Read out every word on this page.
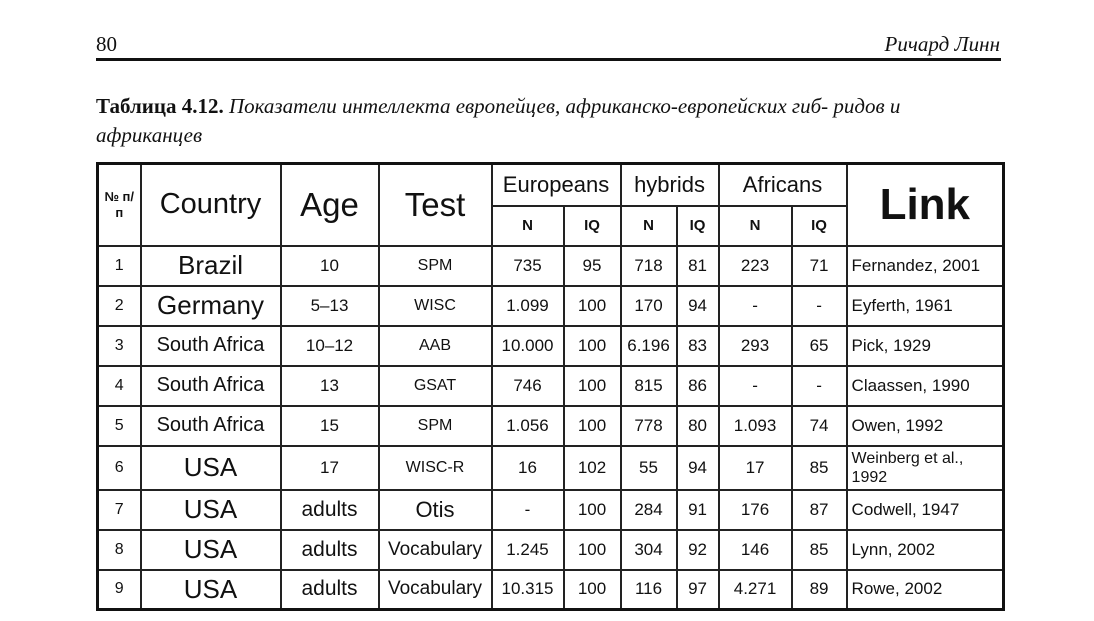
80	Ричард Линн
Таблица 4.12. Показатели интеллекта европейцев, африканско-европейских гиб- ридов и африканцев
№ п/п	Country	Age	Test	Europeans		hybrids		Africans		Link
				N	IQ	N	IQ	N	IQ	
1	Brazil	10	SPM	735	95	718	81	223	71	Fernandez, 2001
2	Germany	5–13	WISC	1.099	100	170	94	-	-	Eyferth, 1961
3	South Africa	10–12	AAB	10.000	100	6.196	83	293	65	Pick, 1929
4	South Africa	13	GSAT	746	100	815	86	-	-	Claassen, 1990
5	South Africa	15	SPM	1.056	100	778	80	1.093	74	Owen, 1992
6	USA	17	WISC-R	16	102	55	94	17	85	Weinberg et al., 1992
7	USA	adults	Otis	-	100	284	91	176	87	Codwell, 1947
8	USA	adults	Vocabulary	1.245	100	304	92	146	85	Lynn, 2002
9	USA	adults	Vocabulary	10.315	100	116	97	4.271	89	Rowe, 2002
